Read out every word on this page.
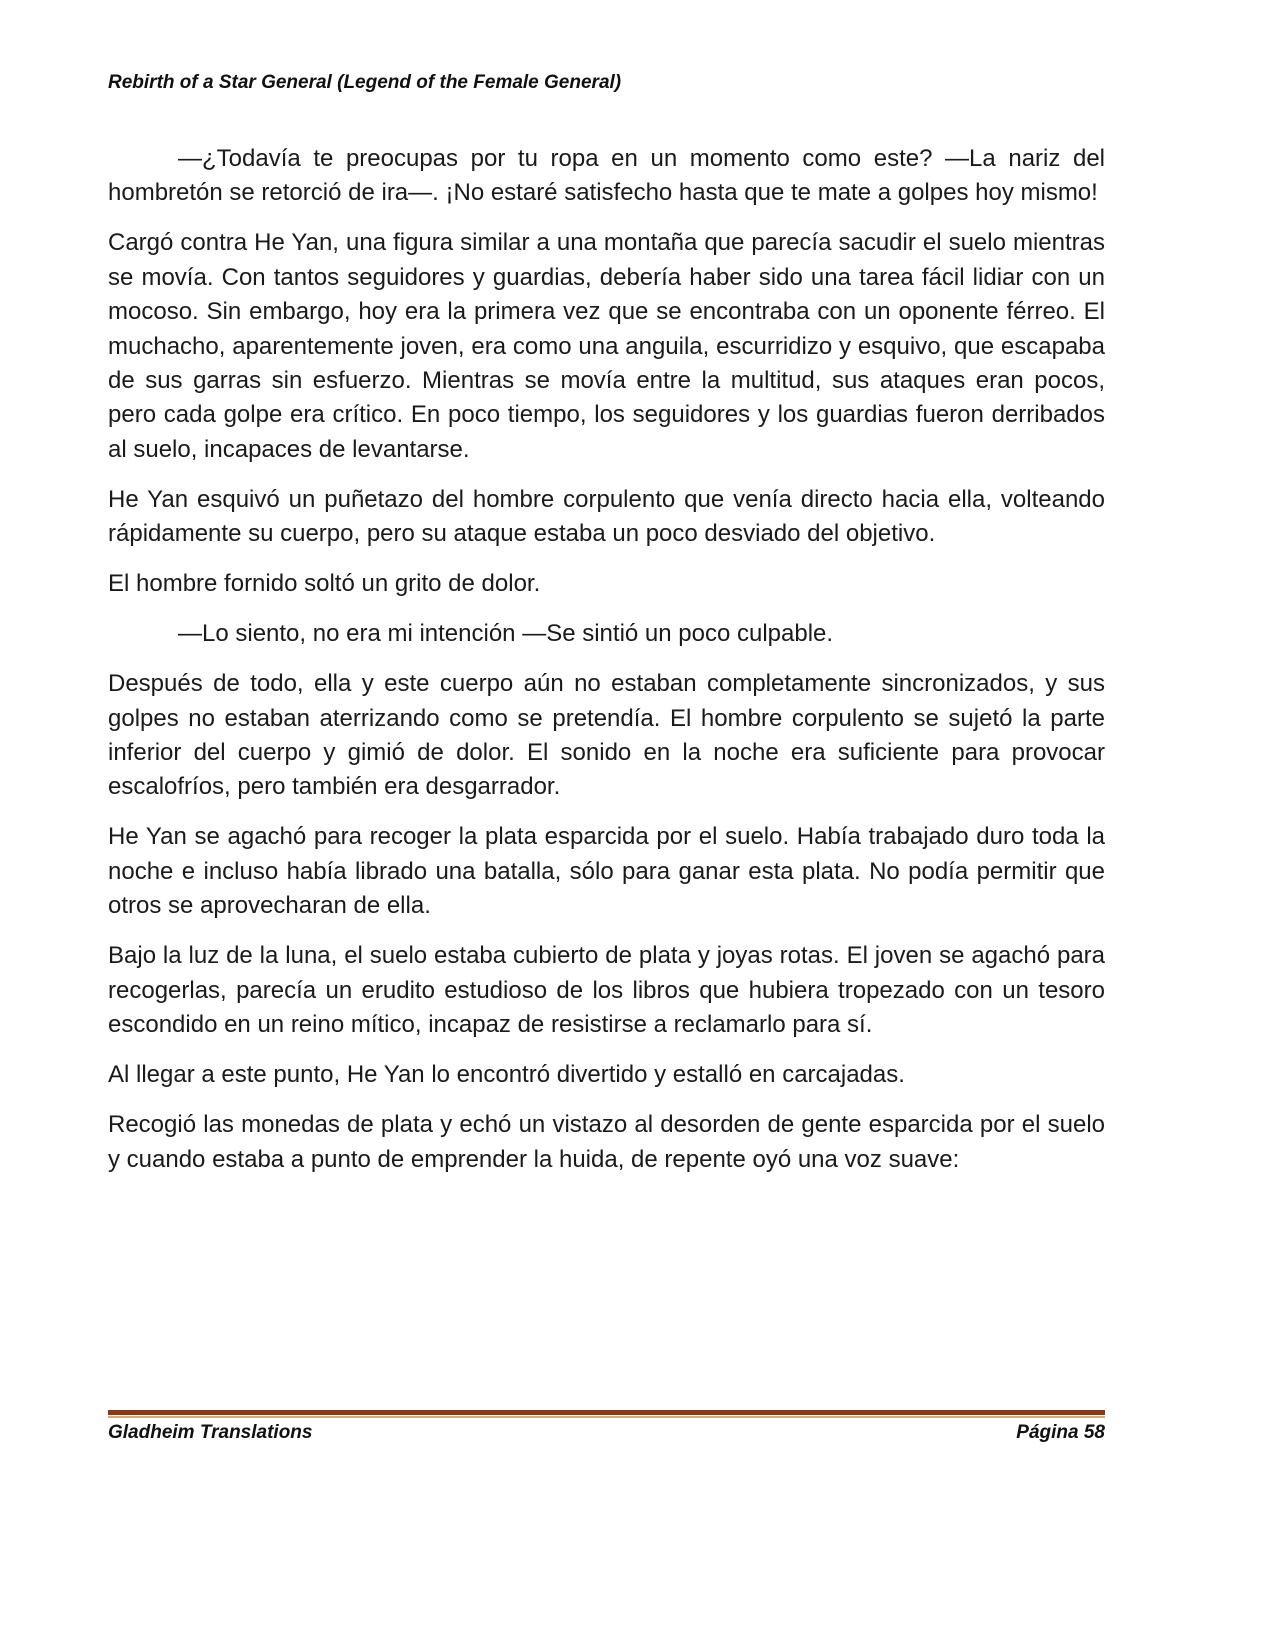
Rebirth of a Star General (Legend of the Female General)

—¿Todavía te preocupas por tu ropa en un momento como este? —La nariz del hombretón se retorció de ira—. ¡No estaré satisfecho hasta que te mate a golpes hoy mismo!

Cargó contra He Yan, una figura similar a una montaña que parecía sacudir el suelo mientras se movía. Con tantos seguidores y guardias, debería haber sido una tarea fácil lidiar con un mocoso. Sin embargo, hoy era la primera vez que se encontraba con un oponente férreo. El muchacho, aparentemente joven, era como una anguila, escurridizo y esquivo, que escapaba de sus garras sin esfuerzo. Mientras se movía entre la multitud, sus ataques eran pocos, pero cada golpe era crítico. En poco tiempo, los seguidores y los guardias fueron derribados al suelo, incapaces de levantarse.

He Yan esquivó un puñetazo del hombre corpulento que venía directo hacia ella, volteando rápidamente su cuerpo, pero su ataque estaba un poco desviado del objetivo.

El hombre fornido soltó un grito de dolor.

—Lo siento, no era mi intención —Se sintió un poco culpable.

Después de todo, ella y este cuerpo aún no estaban completamente sincronizados, y sus golpes no estaban aterrizando como se pretendía. El hombre corpulento se sujetó la parte inferior del cuerpo y gimió de dolor. El sonido en la noche era suficiente para provocar escalofríos, pero también era desgarrador.

He Yan se agachó para recoger la plata esparcida por el suelo. Había trabajado duro toda la noche e incluso había librado una batalla, sólo para ganar esta plata. No podía permitir que otros se aprovecharan de ella.

Bajo la luz de la luna, el suelo estaba cubierto de plata y joyas rotas. El joven se agachó para recogerlas, parecía un erudito estudioso de los libros que hubiera tropezado con un tesoro escondido en un reino mítico, incapaz de resistirse a reclamarlo para sí.

Al llegar a este punto, He Yan lo encontró divertido y estalló en carcajadas.

Recogió las monedas de plata y echó un vistazo al desorden de gente esparcida por el suelo y cuando estaba a punto de emprender la huida, de repente oyó una voz suave:

Gladheim Translations	Página 58
